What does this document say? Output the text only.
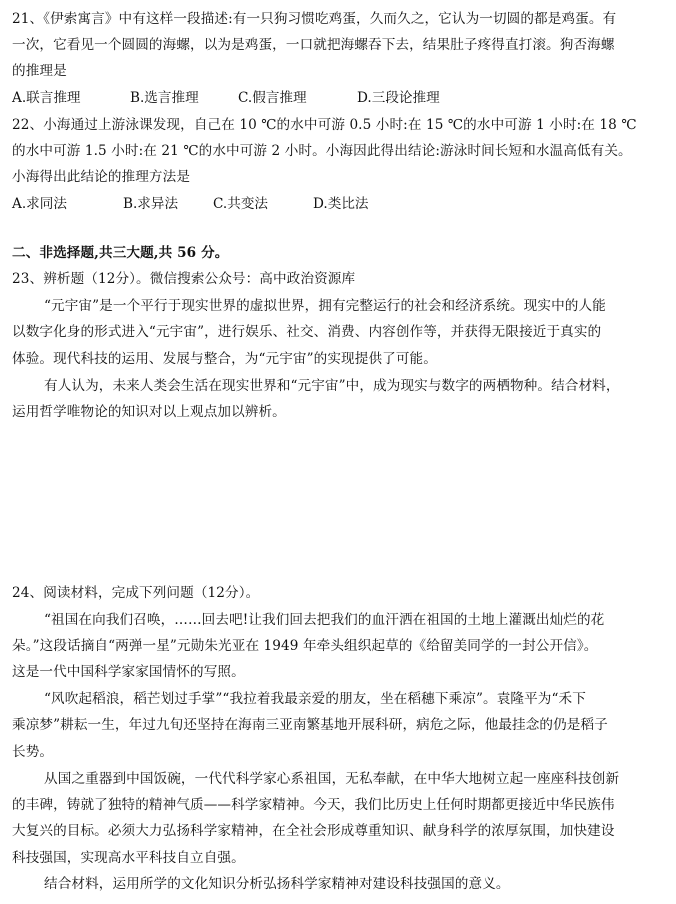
21、《伊索寓言》中有这样一段描述:有一只狗习惯吃鸡蛋，久而久之，它认为一切圆的都是鸡蛋。有
一次，它看见一个圆圆的海螺，以为是鸡蛋，一口就把海螺吞下去，结果肚子疼得直打滚。狗否海螺
的推理是
A.联言推理	B.选言推理	C.假言推理	D.三段论推理
22、小海通过上游泳课发现，自己在 10 ℃的水中可游 0.5 小时:在 15 ℃的水中可游 1 小时:在 18 ℃
的水中可游 1.5 小时:在 21 ℃的水中可游 2 小时。小海因此得出结论:游泳时间长短和水温高低有关。
小海得出此结论的推理方法是
A.求同法	B.求异法	C.共变法	D.类比法
二、非选择题,共三大题,共 56 分。
23、辨析题（12分）。微信搜索公众号：高中政治资源库
“元宇宙”是一个平行于现实世界的虚拟世界，拥有完整运行的社会和经济系统。现实中的人能
以数字化身的形式进入“元宇宙”，进行娱乐、社交、消费、内容创作等，并获得无限接近于真实的
体验。现代科技的运用、发展与整合，为“元宇宙”的实现提供了可能。
有人认为，未来人类会生活在现实世界和“元宇宙”中，成为现实与数字的两栖物种。结合材料，
运用哲学唯物论的知识对以上观点加以辨析。
24、阅读材料，完成下列问题（12分）。
“祖国在向我们召唤，……回去吧!让我们回去把我们的血汗洒在祖国的土地上灌溉出灿烂的花
朵。”这段话摘自“两弹一星”元勋朱光亚在 1949 年牵头组织起草的《给留美同学的一封公开信》。
这是一代中国科学家家国情怀的写照。
“风吹起稻浪，稻芒划过手掌”“我拉着我最亲爱的朋友，坐在稻穗下乘凉”。袁隆平为“禾下
乘凉梦”耕耘一生，年过九旬还坚持在海南三亚南繁基地开展科研，病危之际，他最挂念的仍是稻子
长势。
从国之重器到中国饭碗，一代代科学家心系祖国，无私奉献，在中华大地树立起一座座科技创新
的丰碑，铸就了独特的精神气质——科学家精神。今天，我们比历史上任何时期都更接近中华民族伟
大复兴的目标。必须大力弘扬科学家精神，在全社会形成尊重知识、献身科学的浓厚氛围，加快建设
科技强国，实现高水平科技自立自强。
结合材料，运用所学的文化知识分析弘扬科学家精神对建设科技强国的意义。
